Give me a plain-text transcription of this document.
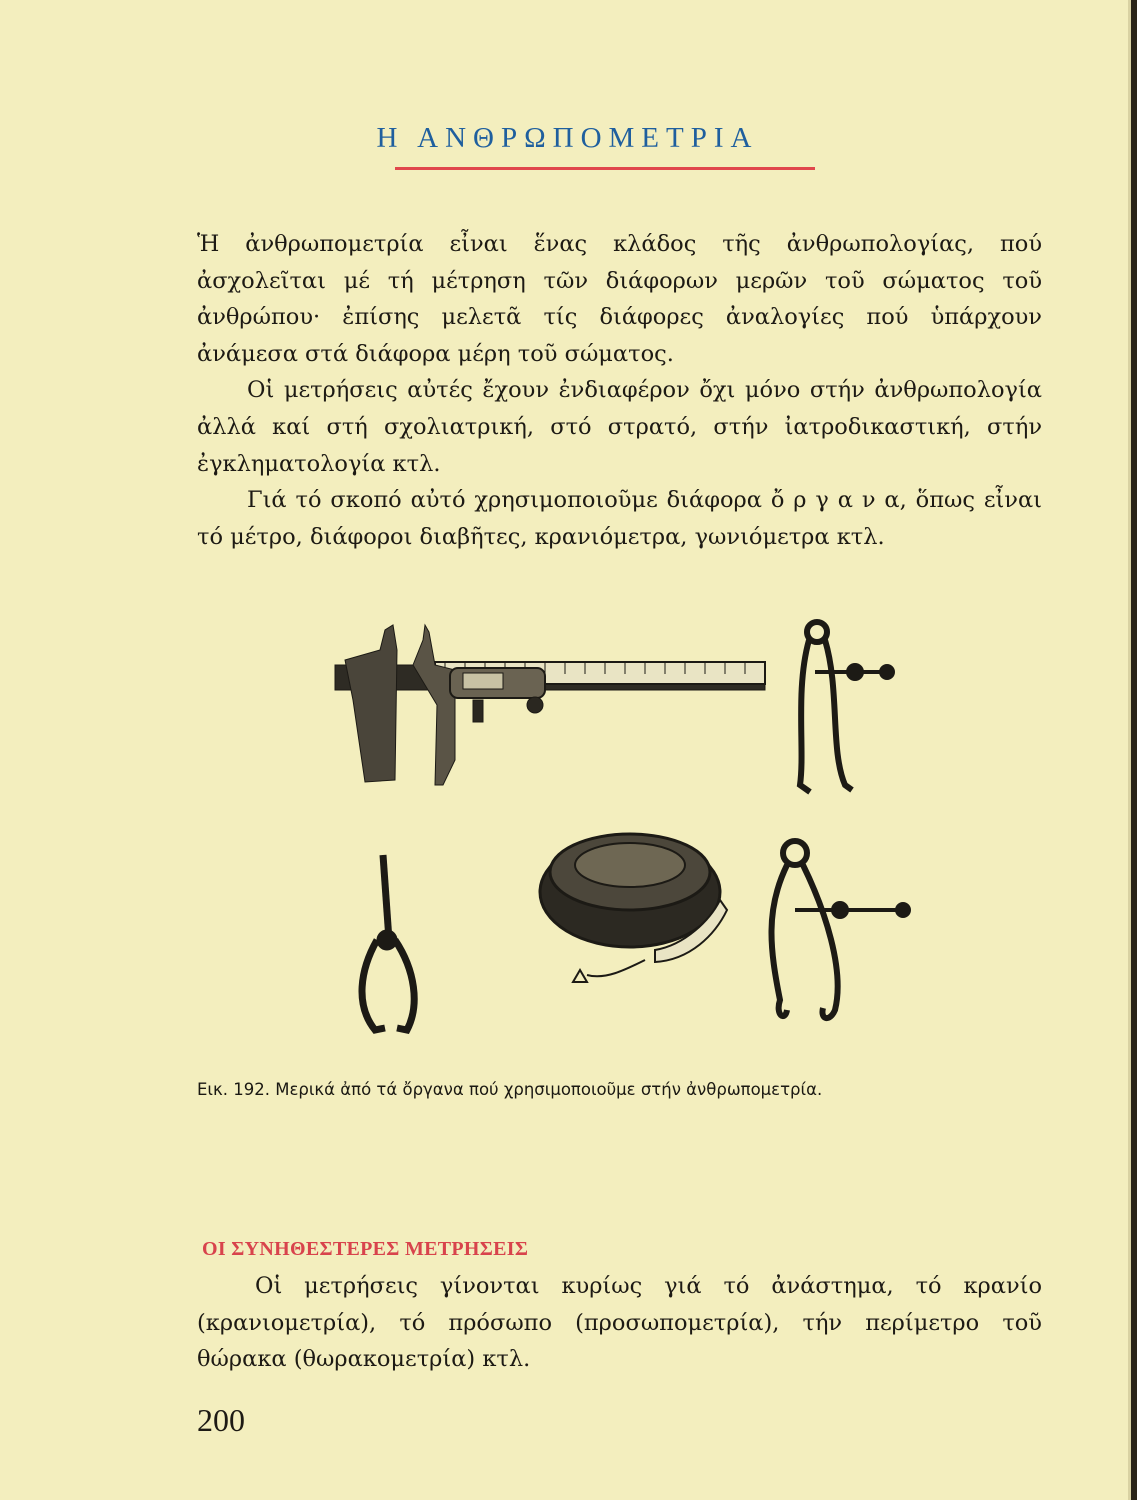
Η ΑΝΘΡΩΠΟΜΕΤΡΙΑ

Ἡ ἀνθρωπομετρία εἶναι ἕνας κλάδος τῆς ἀνθρωπολογίας, πού ἀσχολεῖται μέ τή μέτρηση τῶν διάφορων μερῶν τοῦ σώματος τοῦ ἀνθρώπου· ἐπίσης μελετᾶ τίς διάφορες ἀναλογίες πού ὑπάρχουν ἀνάμεσα στά διάφορα μέρη τοῦ σώματος.

Οἱ μετρήσεις αὐτές ἔχουν ἐνδιαφέρον ὄχι μόνο στήν ἀνθρωπολογία ἀλλά καί στή σχολιατρική, στό στρατό, στήν ἰατροδικαστική, στήν ἐγκληματολογία κτλ.

Γιά τό σκοπό αὐτό χρησιμοποιοῦμε διάφορα ὄ ρ γ α ν α, ὅπως εἶναι τό μέτρο, διάφοροι διαβῆτες, κρανιόμετρα, γωνιόμετρα κτλ.

Εικ. 192. Μερικά ἀπό τά ὄργανα πού χρησιμοποιοῦμε στήν ἀνθρωπομετρία.
ΟΙ ΣΥΝΗΘΕΣΤΕΡΕΣ ΜΕΤΡΗΣΕΙΣ

Οἱ μετρήσεις γίνονται κυρίως γιά τό ἀνάστημα, τό κρανίο (κρανιομετρία), τό πρόσωπο (προσωπομετρία), τήν περίμετρο τοῦ θώρακα (θωρακομετρία) κτλ.

200
